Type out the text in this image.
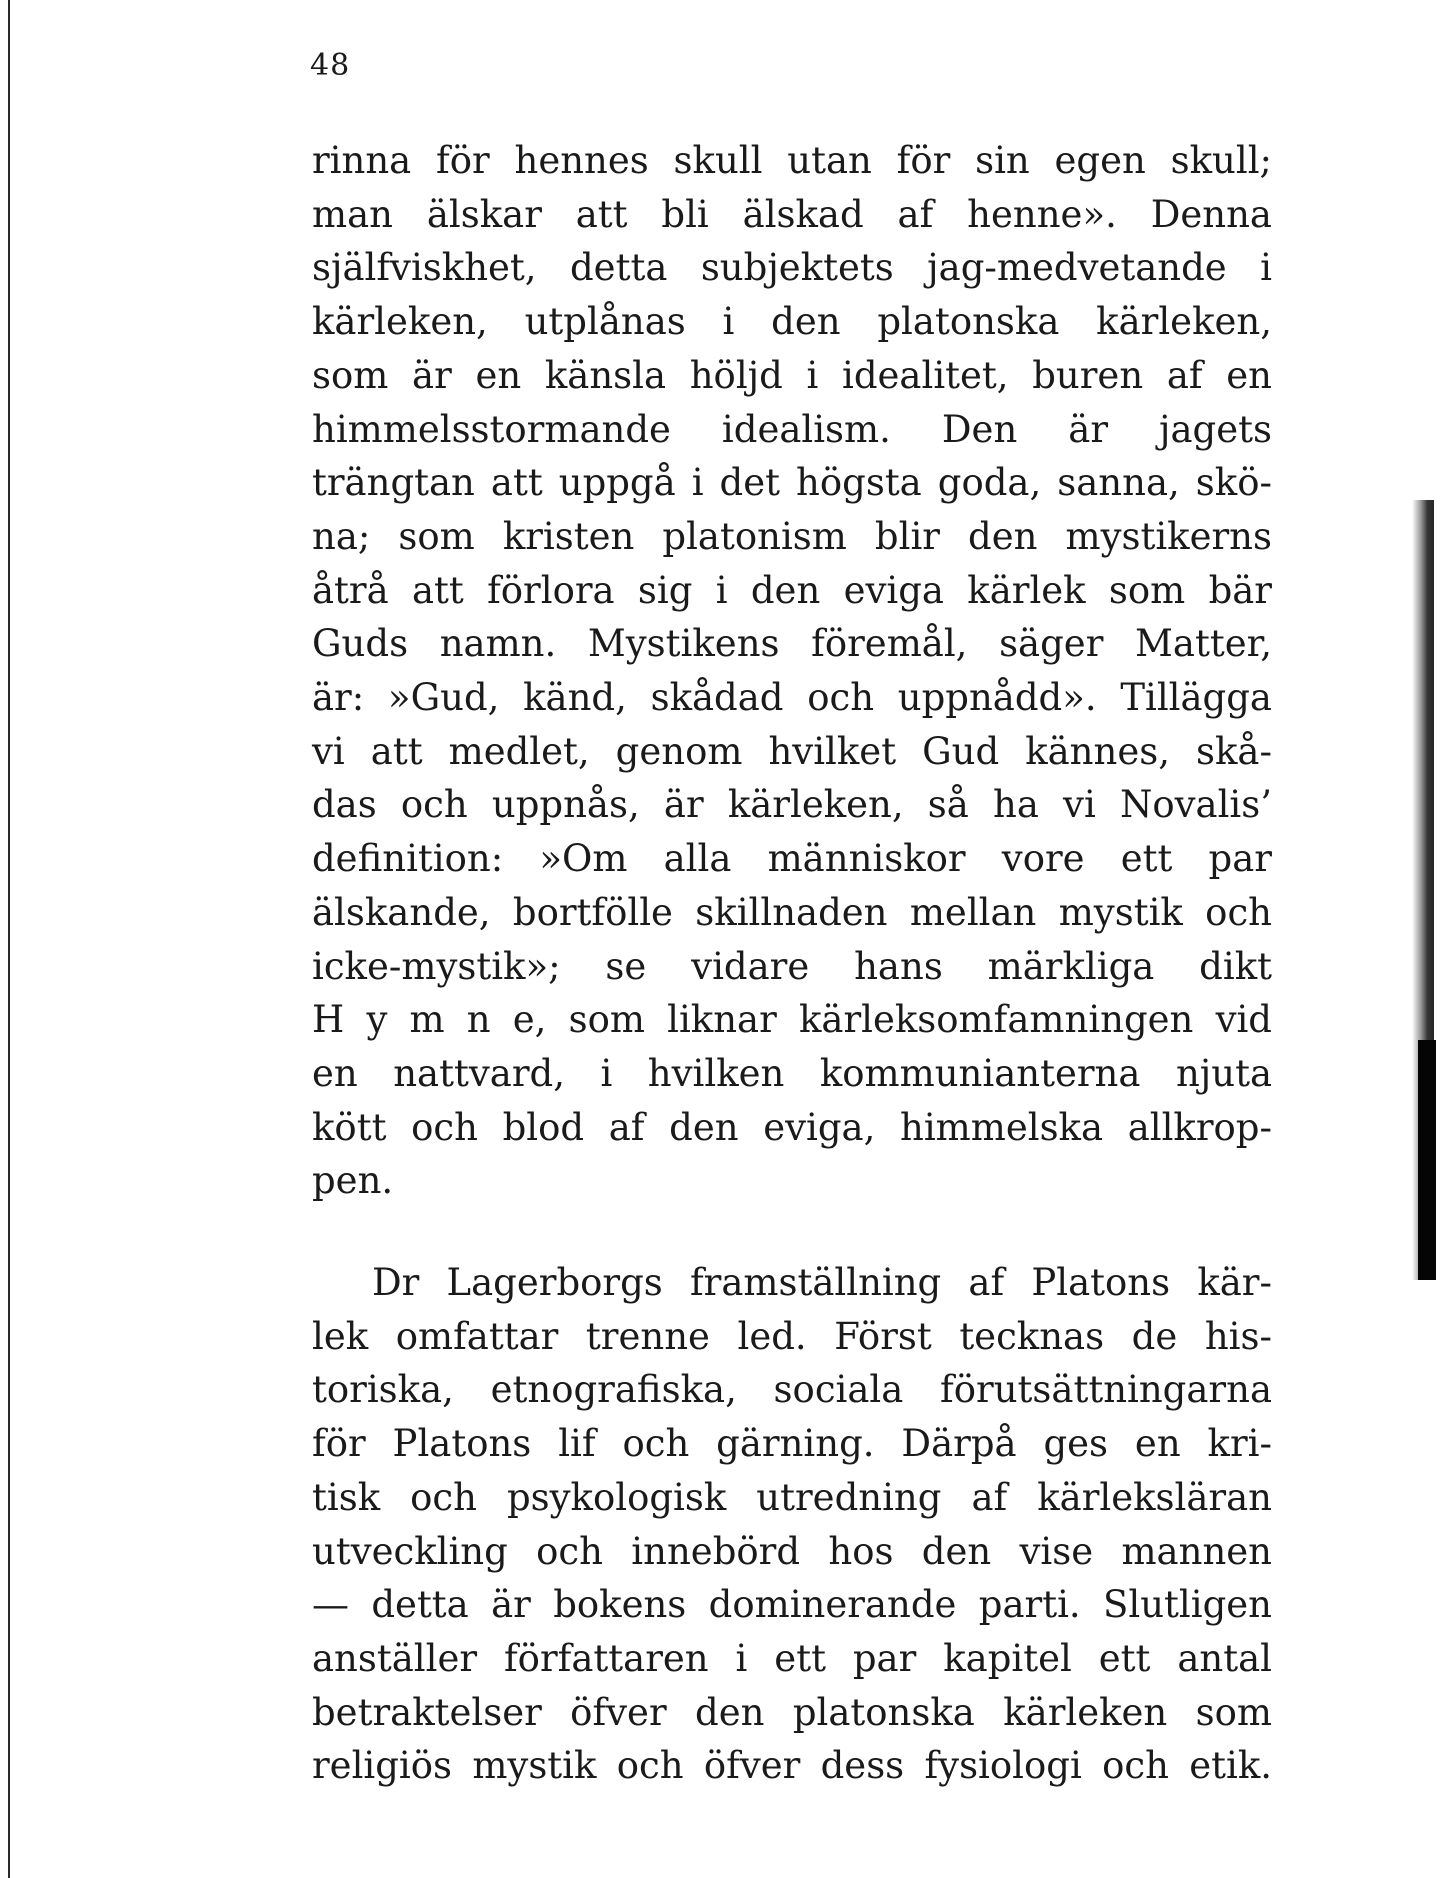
48
rinna för hennes skull utan för sin egen skull;
man älskar att bli älskad af henne». Denna
själfviskhet, detta subjektets jag-medvetande i
kärleken, utplånas i den platonska kärleken,
som är en känsla höljd i idealitet, buren af en
himmelsstormande idealism. Den är jagets
trängtan att uppgå i det högsta goda, sanna, skö-
na; som kristen platonism blir den mystikerns
åtrå att förlora sig i den eviga kärlek som bär
Guds namn. Mystikens föremål, säger Matter,
är: »Gud, känd, skådad och uppnådd». Tillägga
vi att medlet, genom hvilket Gud kännes, skå-
das och uppnås, är kärleken, så ha vi Novalis’
definition: »Om alla människor vore ett par
älskande, bortfölle skillnaden mellan mystik och
icke-mystik»; se vidare hans märkliga dikt
H y m n e, som liknar kärleksomfamningen vid
en nattvard, i hvilken kommunianterna njuta
kött och blod af den eviga, himmelska allkrop-
pen.
Dr Lagerborgs framställning af Platons kär-
lek omfattar trenne led. Först tecknas de his-
toriska, etnografiska, sociala förutsättningarna
för Platons lif och gärning. Därpå ges en kri-
tisk och psykologisk utredning af kärleksläran
utveckling och innebörd hos den vise mannen
— detta är bokens dominerande parti. Slutligen
anställer författaren i ett par kapitel ett antal
betraktelser öfver den platonska kärleken som
religiös mystik och öfver dess fysiologi och etik.
